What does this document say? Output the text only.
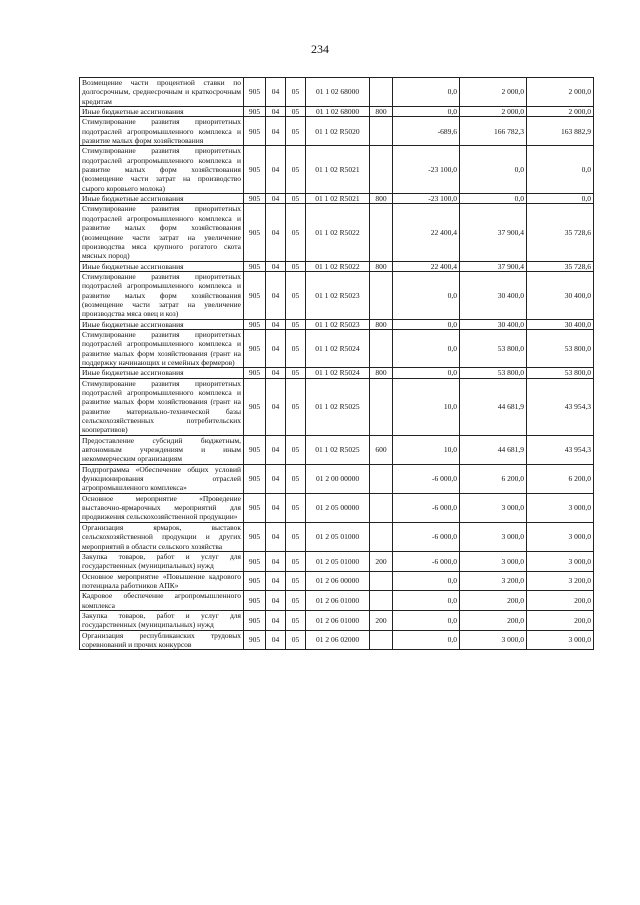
234
Возмещение части процентной ставки по долгосрочным, среднесрочным и краткосрочным кредитам	905	04	05	01 1 02 68000		0,0	2 000,0	2 000,0
Иные бюджетные ассигнования	905	04	05	01 1 02 68000	800	0,0	2 000,0	2 000,0
Стимулирование развития приоритетных подотраслей агропромышленного комплекса и развитие малых форм хозяйствования	905	04	05	01 1 02 R5020		-689,6	166 782,3	163 882,9
Стимулирование развития приоритетных подотраслей агропромышленного комплекса и развитие малых форм хозяйствования (возмещение части затрат на производство сырого коровьего молока)	905	04	05	01 1 02 R5021		-23 100,0	0,0	0,0
Иные бюджетные ассигнования	905	04	05	01 1 02 R5021	800	-23 100,0	0,0	0,0
Стимулирование развития приоритетных подотраслей агропромышленного комплекса и развитие малых форм хозяйствования (возмещение части затрат на увеличение производства мяса крупного рогатого скота мясных пород)	905	04	05	01 1 02 R5022		22 400,4	37 900,4	35 728,6
Иные бюджетные ассигнования	905	04	05	01 1 02 R5022	800	22 400,4	37 900,4	35 728,6
Стимулирование развития приоритетных подотраслей агропромышленного комплекса и развитие малых форм хозяйствования (возмещение части затрат на увеличение производства мяса овец и коз)	905	04	05	01 1 02 R5023		0,0	30 400,0	30 400,0
Иные бюджетные ассигнования	905	04	05	01 1 02 R5023	800	0,0	30 400,0	30 400,0
Стимулирование развития приоритетных подотраслей агропромышленного комплекса и развитие малых форм хозяйствования (грант на поддержку начинающих и семейных фермеров)	905	04	05	01 1 02 R5024		0,0	53 800,0	53 800,0
Иные бюджетные ассигнования	905	04	05	01 1 02 R5024	800	0,0	53 800,0	53 800,0
Стимулирование развития приоритетных подотраслей агропромышленного комплекса и развитие малых форм хозяйствования (грант на развитие материально-технической базы сельскохозяйственных потребительских кооперативов)	905	04	05	01 1 02 R5025		10,0	44 681,9	43 954,3
Предоставление субсидий бюджетным, автономным учреждениям и иным некоммерческим организациям	905	04	05	01 1 02 R5025	600	10,0	44 681,9	43 954,3
Подпрограмма «Обеспечение общих условий функционирования отраслей агропромышленного комплекса»	905	04	05	01 2 00 00000		-6 000,0	6 200,0	6 200,0
Основное мероприятие «Проведение выставочно-ярмарочных мероприятий для продвижения сельскохозяйственной продукции»	905	04	05	01 2 05 00000		-6 000,0	3 000,0	3 000,0
Организация ярмарок, выставок сельскохозяйственной продукции и других мероприятий в области сельского хозяйства	905	04	05	01 2 05 01000		-6 000,0	3 000,0	3 000,0
Закупка товаров, работ и услуг для государственных (муниципальных) нужд	905	04	05	01 2 05 01000	200	-6 000,0	3 000,0	3 000,0
Основное мероприятие «Повышение кадрового потенциала работников АПК»	905	04	05	01 2 06 00000		0,0	3 200,0	3 200,0
Кадровое обеспечение агропромышленного комплекса	905	04	05	01 2 06 01000		0,0	200,0	200,0
Закупка товаров, работ и услуг для государственных (муниципальных) нужд	905	04	05	01 2 06 01000	200	0,0	200,0	200,0
Организация республиканских трудовых соревнований и прочих конкурсов	905	04	05	01 2 06 02000		0,0	3 000,0	3 000,0
